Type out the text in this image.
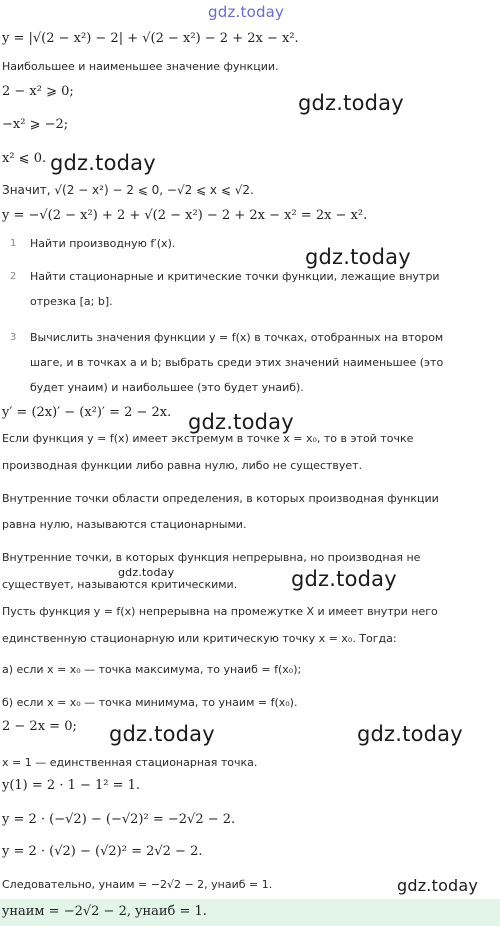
gdz.today
gdz.today
gdz.today
gdz.today
gdz.today
gdz.today	gdz.today
gdz.today	gdz.today
gdz.today
y = |√(2 − x²) − 2| + √(2 − x²) − 2 + 2x − x².
Наибольшее и наименьшее значение функции.
2 − x² ⩾ 0;
−x² ⩾ −2;
x² ⩽ 0.
Значит, √(2 − x²) − 2 ⩽ 0, −√2 ⩽ x ⩽ √2.
y = −√(2 − x²) + 2 + √(2 − x²) − 2 + 2x − x² = 2x − x².
1 Найти производную f′(x).
2 Найти стационарные и критические точки функции, лежащие внутри
отрезка [a; b].
3 Вычислить значения функции y = f(x) в точках, отобранных на втором
шаге, и в точках a и b; выбрать среди этих значений наименьшее (это
будет yнаим) и наибольшее (это будет yнаиб).
y′ = (2x)′ − (x²)′ = 2 − 2x.
Если функция y = f(x) имеет экстремум в точке x = x₀, то в этой точке
производная функции либо равна нулю, либо не существует.
Внутренние точки области определения, в которых производная функции
равна нулю, называются стационарными.
Внутренние точки, в которых функция непрерывна, но производная не
существует, называются критическими.
Пусть функция y = f(x) непрерывна на промежутке X и имеет внутри него
единственную стационарную или критическую точку x = x₀. Тогда:
а) если x = x₀ — точка максимума, то yнаиб = f(x₀);
б) если x = x₀ — точка минимума, то yнаим = f(x₀).
2 − 2x = 0;
x = 1 — единственная стационарная точка.
y(1) = 2 · 1 − 1² = 1.
y = 2 · (−√2) − (−√2)² = −2√2 − 2.
y = 2 · (√2) − (√2)² = 2√2 − 2.
Следовательно, yнаим = −2√2 − 2, yнаиб = 1.
yнаим = −2√2 − 2, yнаиб = 1.
